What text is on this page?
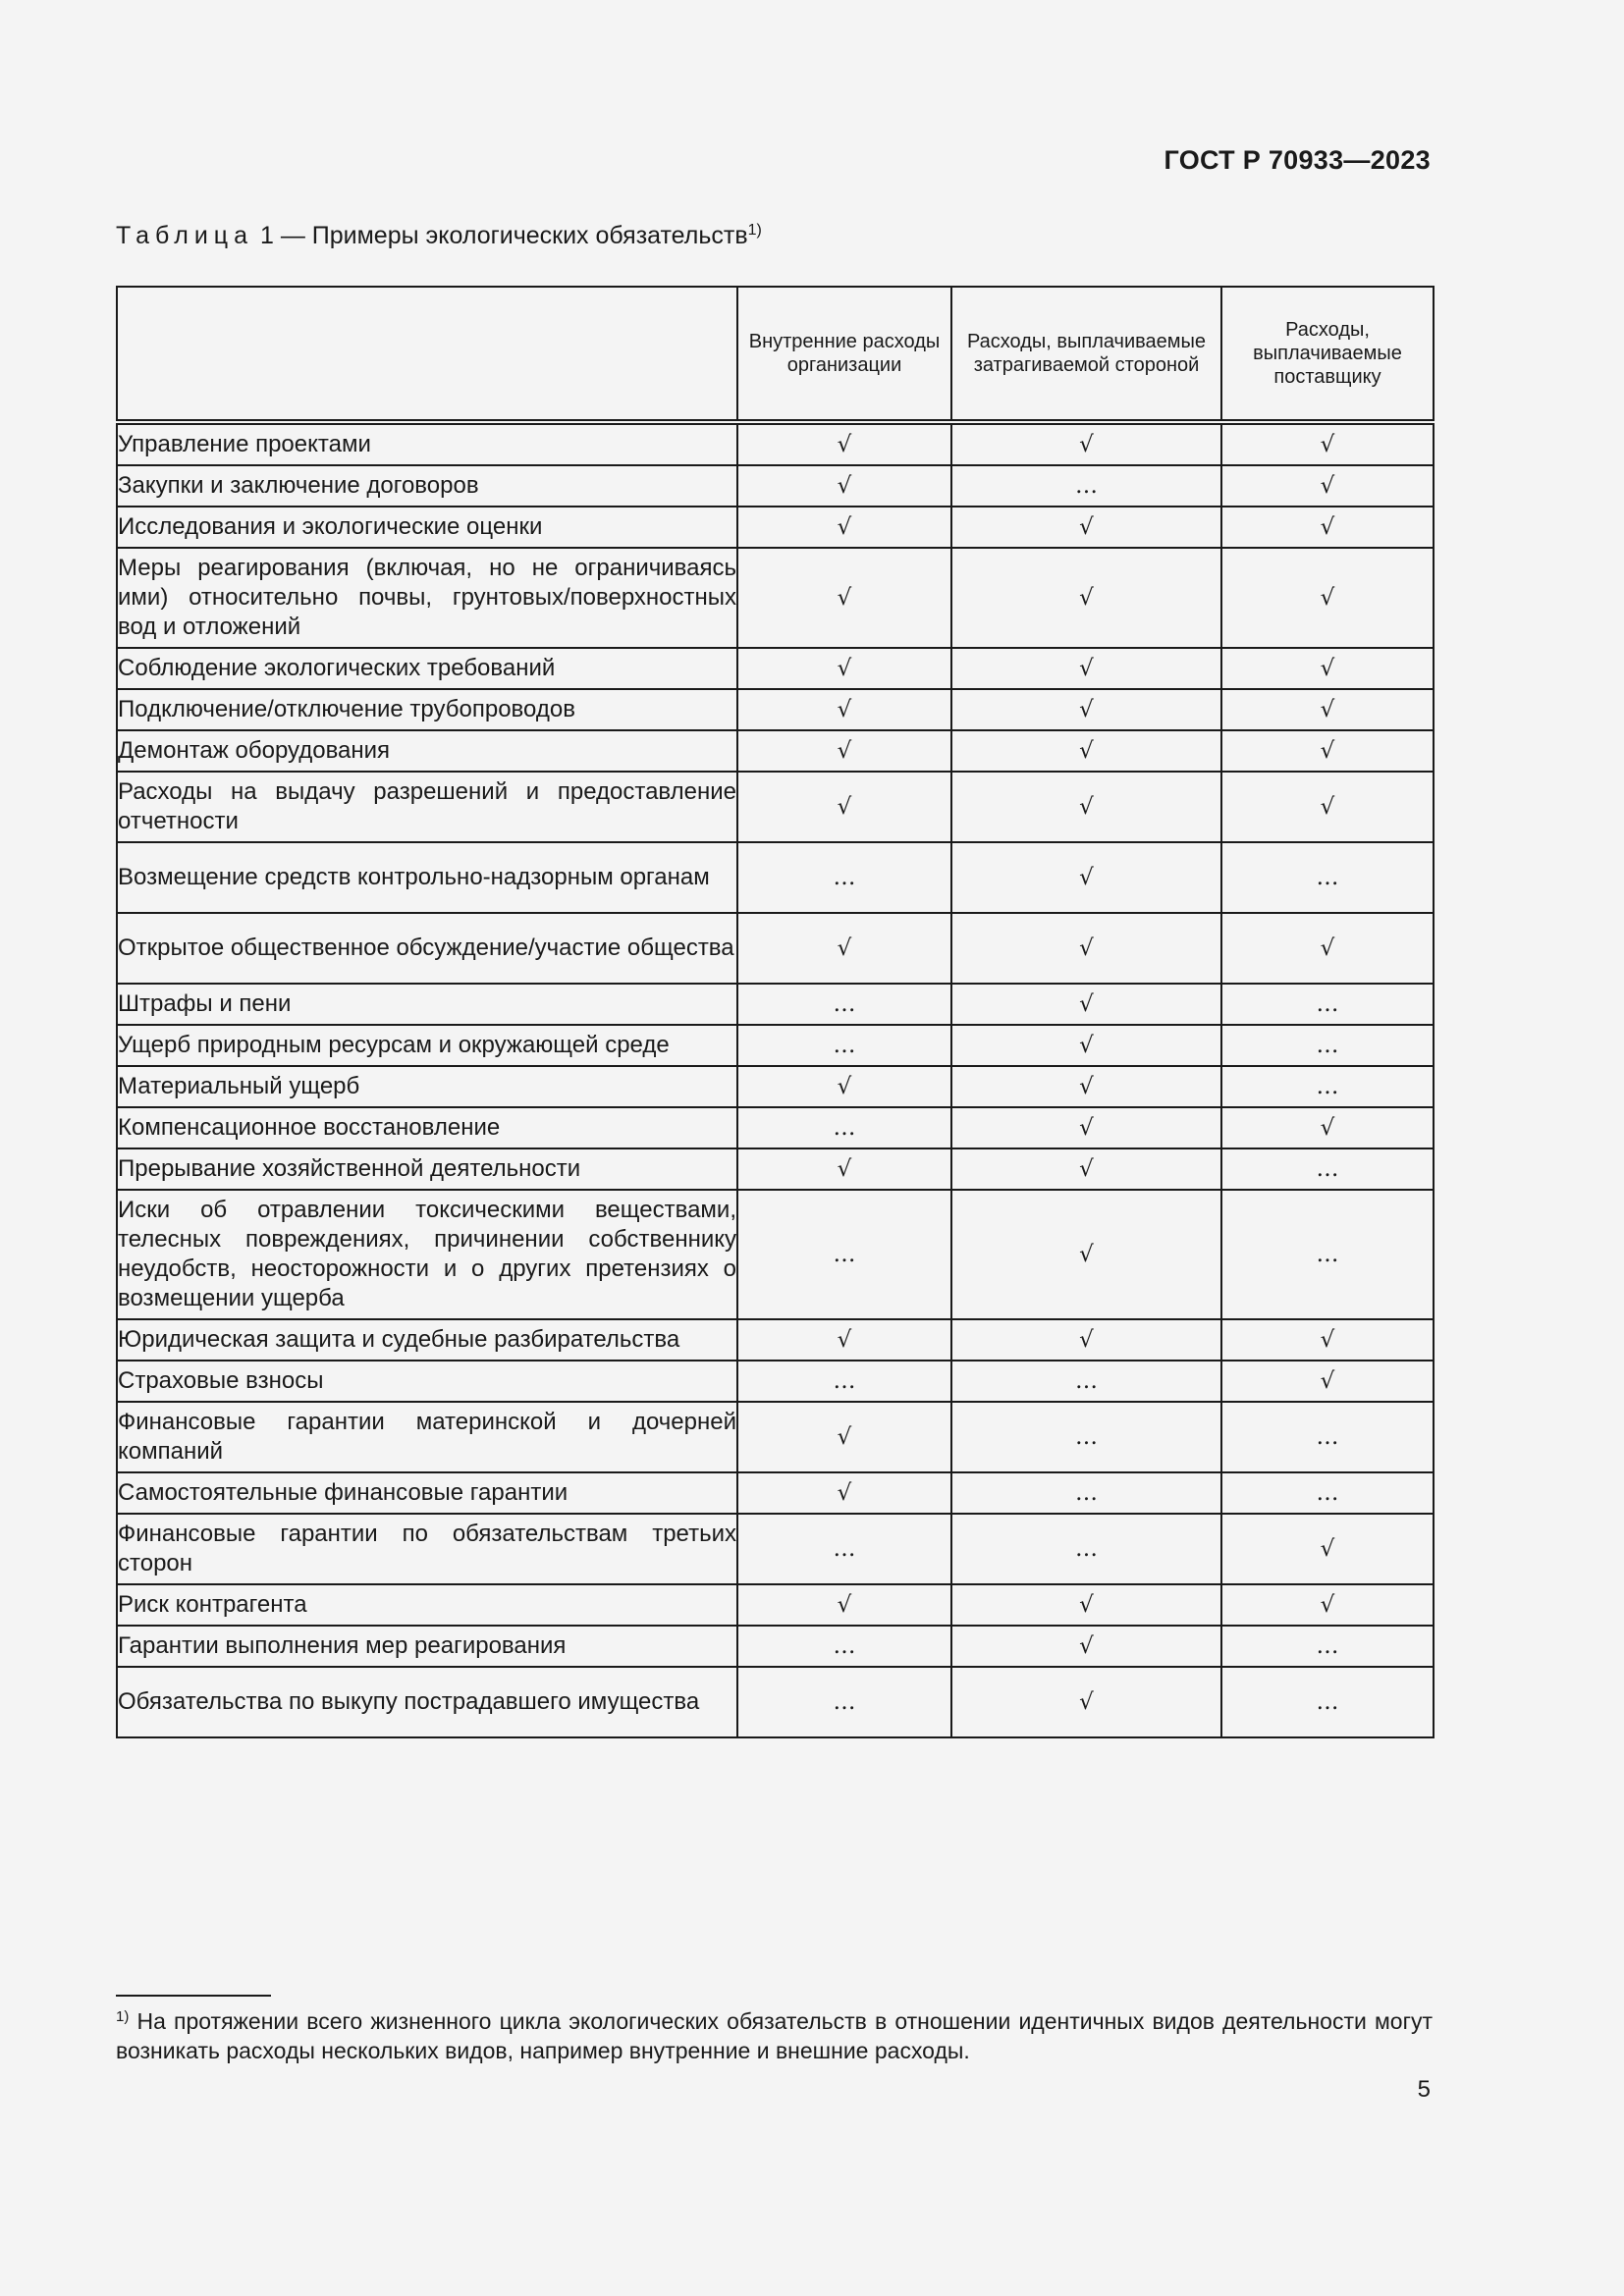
ГОСТ Р 70933—2023
Таблица 1 — Примеры экологических обязательств$^{1)}$
	Внутренние расходы организации	Расходы, выплачиваемые затрагиваемой стороной	Расходы, выплачиваемые поставщику
Управление проектами	√	√	√
Закупки и заключение договоров	√	…	√
Исследования и экологические оценки	√	√	√
Меры реагирования (включая, но не ограничиваясь ими) относительно почвы, грунтовых/поверхностных вод и отложений	√	√	√
Соблюдение экологических требований	√	√	√
Подключение/отключение трубопроводов	√	√	√
Демонтаж оборудования	√	√	√
Расходы на выдачу разрешений и предоставление отчетности	√	√	√
Возмещение средств контрольно-надзорным органам	…	√	…
Открытое общественное обсуждение/участие общества	√	√	√
Штрафы и пени	…	√	…
Ущерб природным ресурсам и окружающей среде	…	√	…
Материальный ущерб	√	√	…
Компенсационное восстановление	…	√	√
Прерывание хозяйственной деятельности	√	√	…
Иски об отравлении токсическими веществами, телесных повреждениях, причинении собственнику неудобств, неосторожности и о других претензиях о возмещении ущерба	…	√	…
Юридическая защита и судебные разбирательства	√	√	√
Страховые взносы	…	…	√
Финансовые гарантии материнской и дочерней компаний	√	…	…
Самостоятельные финансовые гарантии	√	…	…
Финансовые гарантии по обязательствам третьих сторон	…	…	√
Риск контрагента	√	√	√
Гарантии выполнения мер реагирования	…	√	…
Обязательства по выкупу пострадавшего имущества	…	√	…
$^{1)}$ На протяжении всего жизненного цикла экологических обязательств в отношении идентичных видов деятельности могут возникать расходы нескольких видов, например внутренние и внешние расходы.
5
